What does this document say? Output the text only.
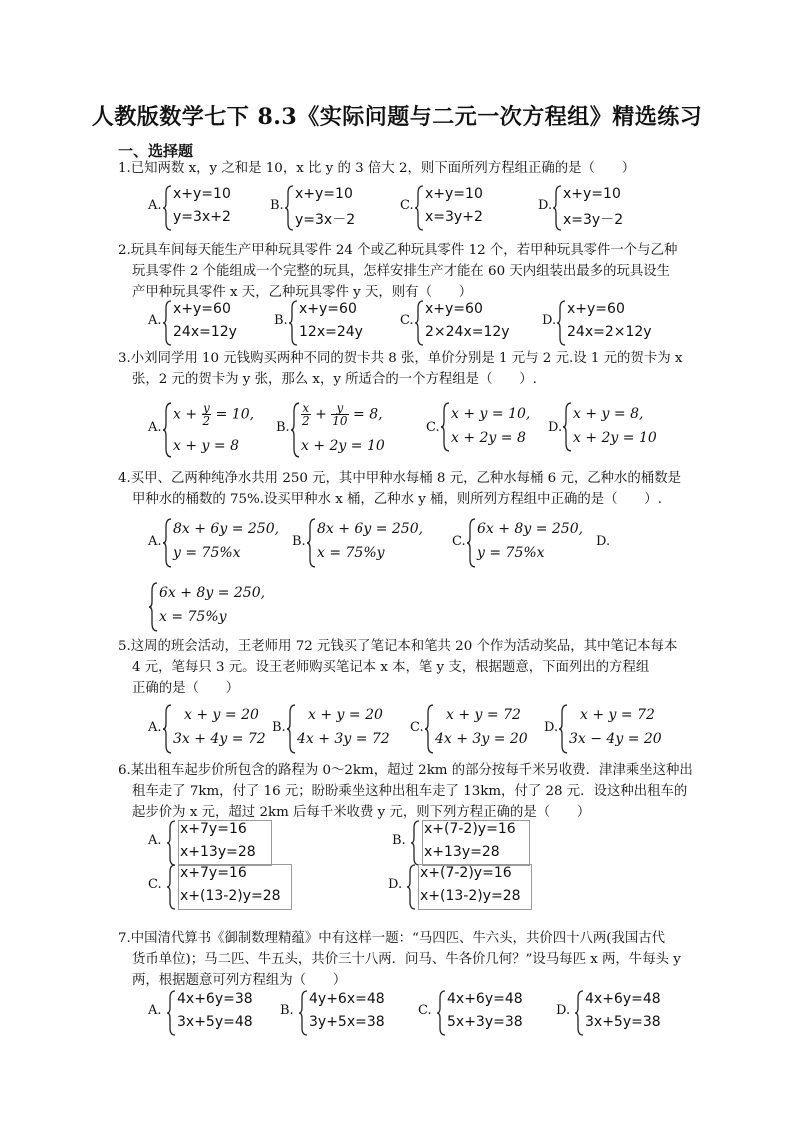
人教版数学七下 8.3《实际问题与二元一次方程组》精选练习
一、选择题
1.已知两数 x，y 之和是 10，x 比 y 的 3 倍大 2，则下面所列方程组正确的是（　　）
A.
x+y=10
y=3x+2
B.
x+y=10
y=3x－2
C.
x+y=10
x=3y+2
D.
x+y=10
x=3y－2
2.玩具车间每天能生产甲种玩具零件 24 个或乙种玩具零件 12 个，若甲种玩具零件一个与乙种
玩具零件 2 个能组成一个完整的玩具，怎样安排生产才能在 60 天内组装出最多的玩具设生
产甲种玩具零件 x 天，乙种玩具零件 y 天，则有（　　）
A.
x+y=60
24x=12y
B.
x+y=60
12x=24y
C.
x+y=60
2×24x=12y
D.
x+y=60
24x=2×12y
3.小刘同学用 10 元钱购买两种不同的贺卡共 8 张，单价分别是 1 元与 2 元.设 1 元的贺卡为 x
张，2 元的贺卡为 y 张，那么 x，y 所适合的一个方程组是（　　）.
A.
$x + \frac{y}{2} = 10$,
x + y = 8
B.
$\frac{x}{2} + \frac{y}{10} = 8$,
x + 2y = 10
C.
x + y = 10,
x + 2y = 8
D.
x + y = 8,
x + 2y = 10
4.买甲、乙两种纯净水共用 250 元，其中甲种水每桶 8 元，乙种水每桶 6 元，乙种水的桶数是
甲种水的桶数的 75%.设买甲种水 x 桶，乙种水 y 桶，则所列方程组中正确的是（　　）.
A.
8x + 6y = 250,
y = 75%x
B.
8x + 6y = 250,
x = 75%y
C.
6x + 8y = 250,
y = 75%x
D.
6x + 8y = 250,
x = 75%y
5.这周的班会活动，王老师用 72 元钱买了笔记本和笔共 20 个作为活动奖品，其中笔记本每本
4 元，笔每只 3 元。设王老师购买笔记本 x 本，笔 y 支，根据题意，下面列出的方程组
正确的是（　　）
A.
x + y = 20
3x + 4y = 72
B.
x + y = 20
4x + 3y = 72
C.
x + y = 72
4x + 3y = 20
D.
x + y = 72
3x − 4y = 20
6.某出租车起步价所包含的路程为 0～2km，超过 2km 的部分按每千米另收费．津津乘坐这种出
租车走了 7km，付了 16 元；盼盼乘坐这种出租车走了 13km，付了 28 元．设这种出租车的
起步价为 x 元，超过 2km 后每千米收费 y 元，则下列方程正确的是（　　）
A.
x+7y=16
x+13y=28
B.
x+(7-2)y=16
x+13y=28
C.
x+7y=16
x+(13-2)y=28
D.
x+(7-2)y=16
x+(13-2)y=28
7.中国清代算书《御制数理精蕴》中有这样一题：“马四匹、牛六头，共价四十八两(我国古代
货币单位)；马二匹、牛五头，共价三十八两．问马、牛各价几何？”设马每匹 x 两，牛每头 y
两，根据题意可列方程组为（　　）
A.
4x+6y=38
3x+5y=48
B.
4y+6x=48
3y+5x=38
C.
4x+6y=48
5x+3y=38
D.
4x+6y=48
3x+5y=38
